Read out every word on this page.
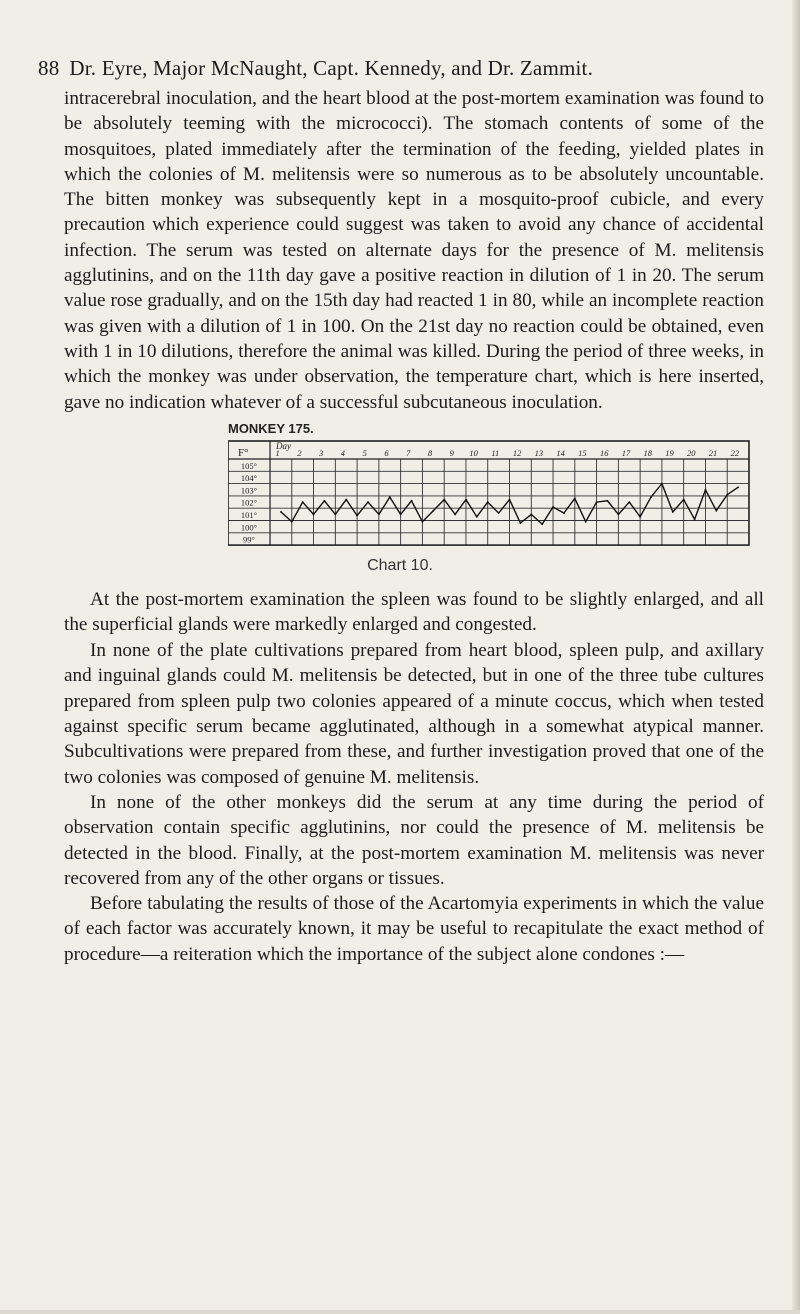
88 Dr. Eyre, Major McNaught, Capt. Kennedy, and Dr. Zammit.

intracerebral inoculation, and the heart blood at the post-mortem examination was found to be absolutely teeming with the micrococci). The stomach contents of some of the mosquitoes, plated immediately after the termination of the feeding, yielded plates in which the colonies of M. melitensis were so numerous as to be absolutely uncountable. The bitten monkey was subsequently kept in a mosquito-proof cubicle, and every precaution which experience could suggest was taken to avoid any chance of accidental infection. The serum was tested on alternate days for the presence of M. melitensis agglutinins, and on the 11th day gave a positive reaction in dilution of 1 in 20. The serum value rose gradually, and on the 15th day had reacted 1 in 80, while an incomplete reaction was given with a dilution of 1 in 100. On the 21st day no reaction could be obtained, even with 1 in 10 dilutions, therefore the animal was killed. During the period of three weeks, in which the monkey was under observation, the temperature chart, which is here inserted, gave no indication whatever of a successful subcutaneous inoculation.

MONKEY 175.
F°
Day
105°
104°
103°
102°
101°
100°
99°
1 2 3 4 5 6 7 8 9 10 11 12 13 14 15 16 17 18 19 20 21 22
Chart 10.

At the post-mortem examination the spleen was found to be slightly enlarged, and all the superficial glands were markedly enlarged and congested.

In none of the plate cultivations prepared from heart blood, spleen pulp, and axillary and inguinal glands could M. melitensis be detected, but in one of the three tube cultures prepared from spleen pulp two colonies appeared of a minute coccus, which when tested against specific serum became agglutinated, although in a somewhat atypical manner. Subcultivations were prepared from these, and further investigation proved that one of the two colonies was composed of genuine M. melitensis.

In none of the other monkeys did the serum at any time during the period of observation contain specific agglutinins, nor could the presence of M. melitensis be detected in the blood. Finally, at the post-mortem examination M. melitensis was never recovered from any of the other organs or tissues.

Before tabulating the results of those of the Acartomyia experiments in which the value of each factor was accurately known, it may be useful to recapitulate the exact method of procedure—a reiteration which the importance of the subject alone condones :—
